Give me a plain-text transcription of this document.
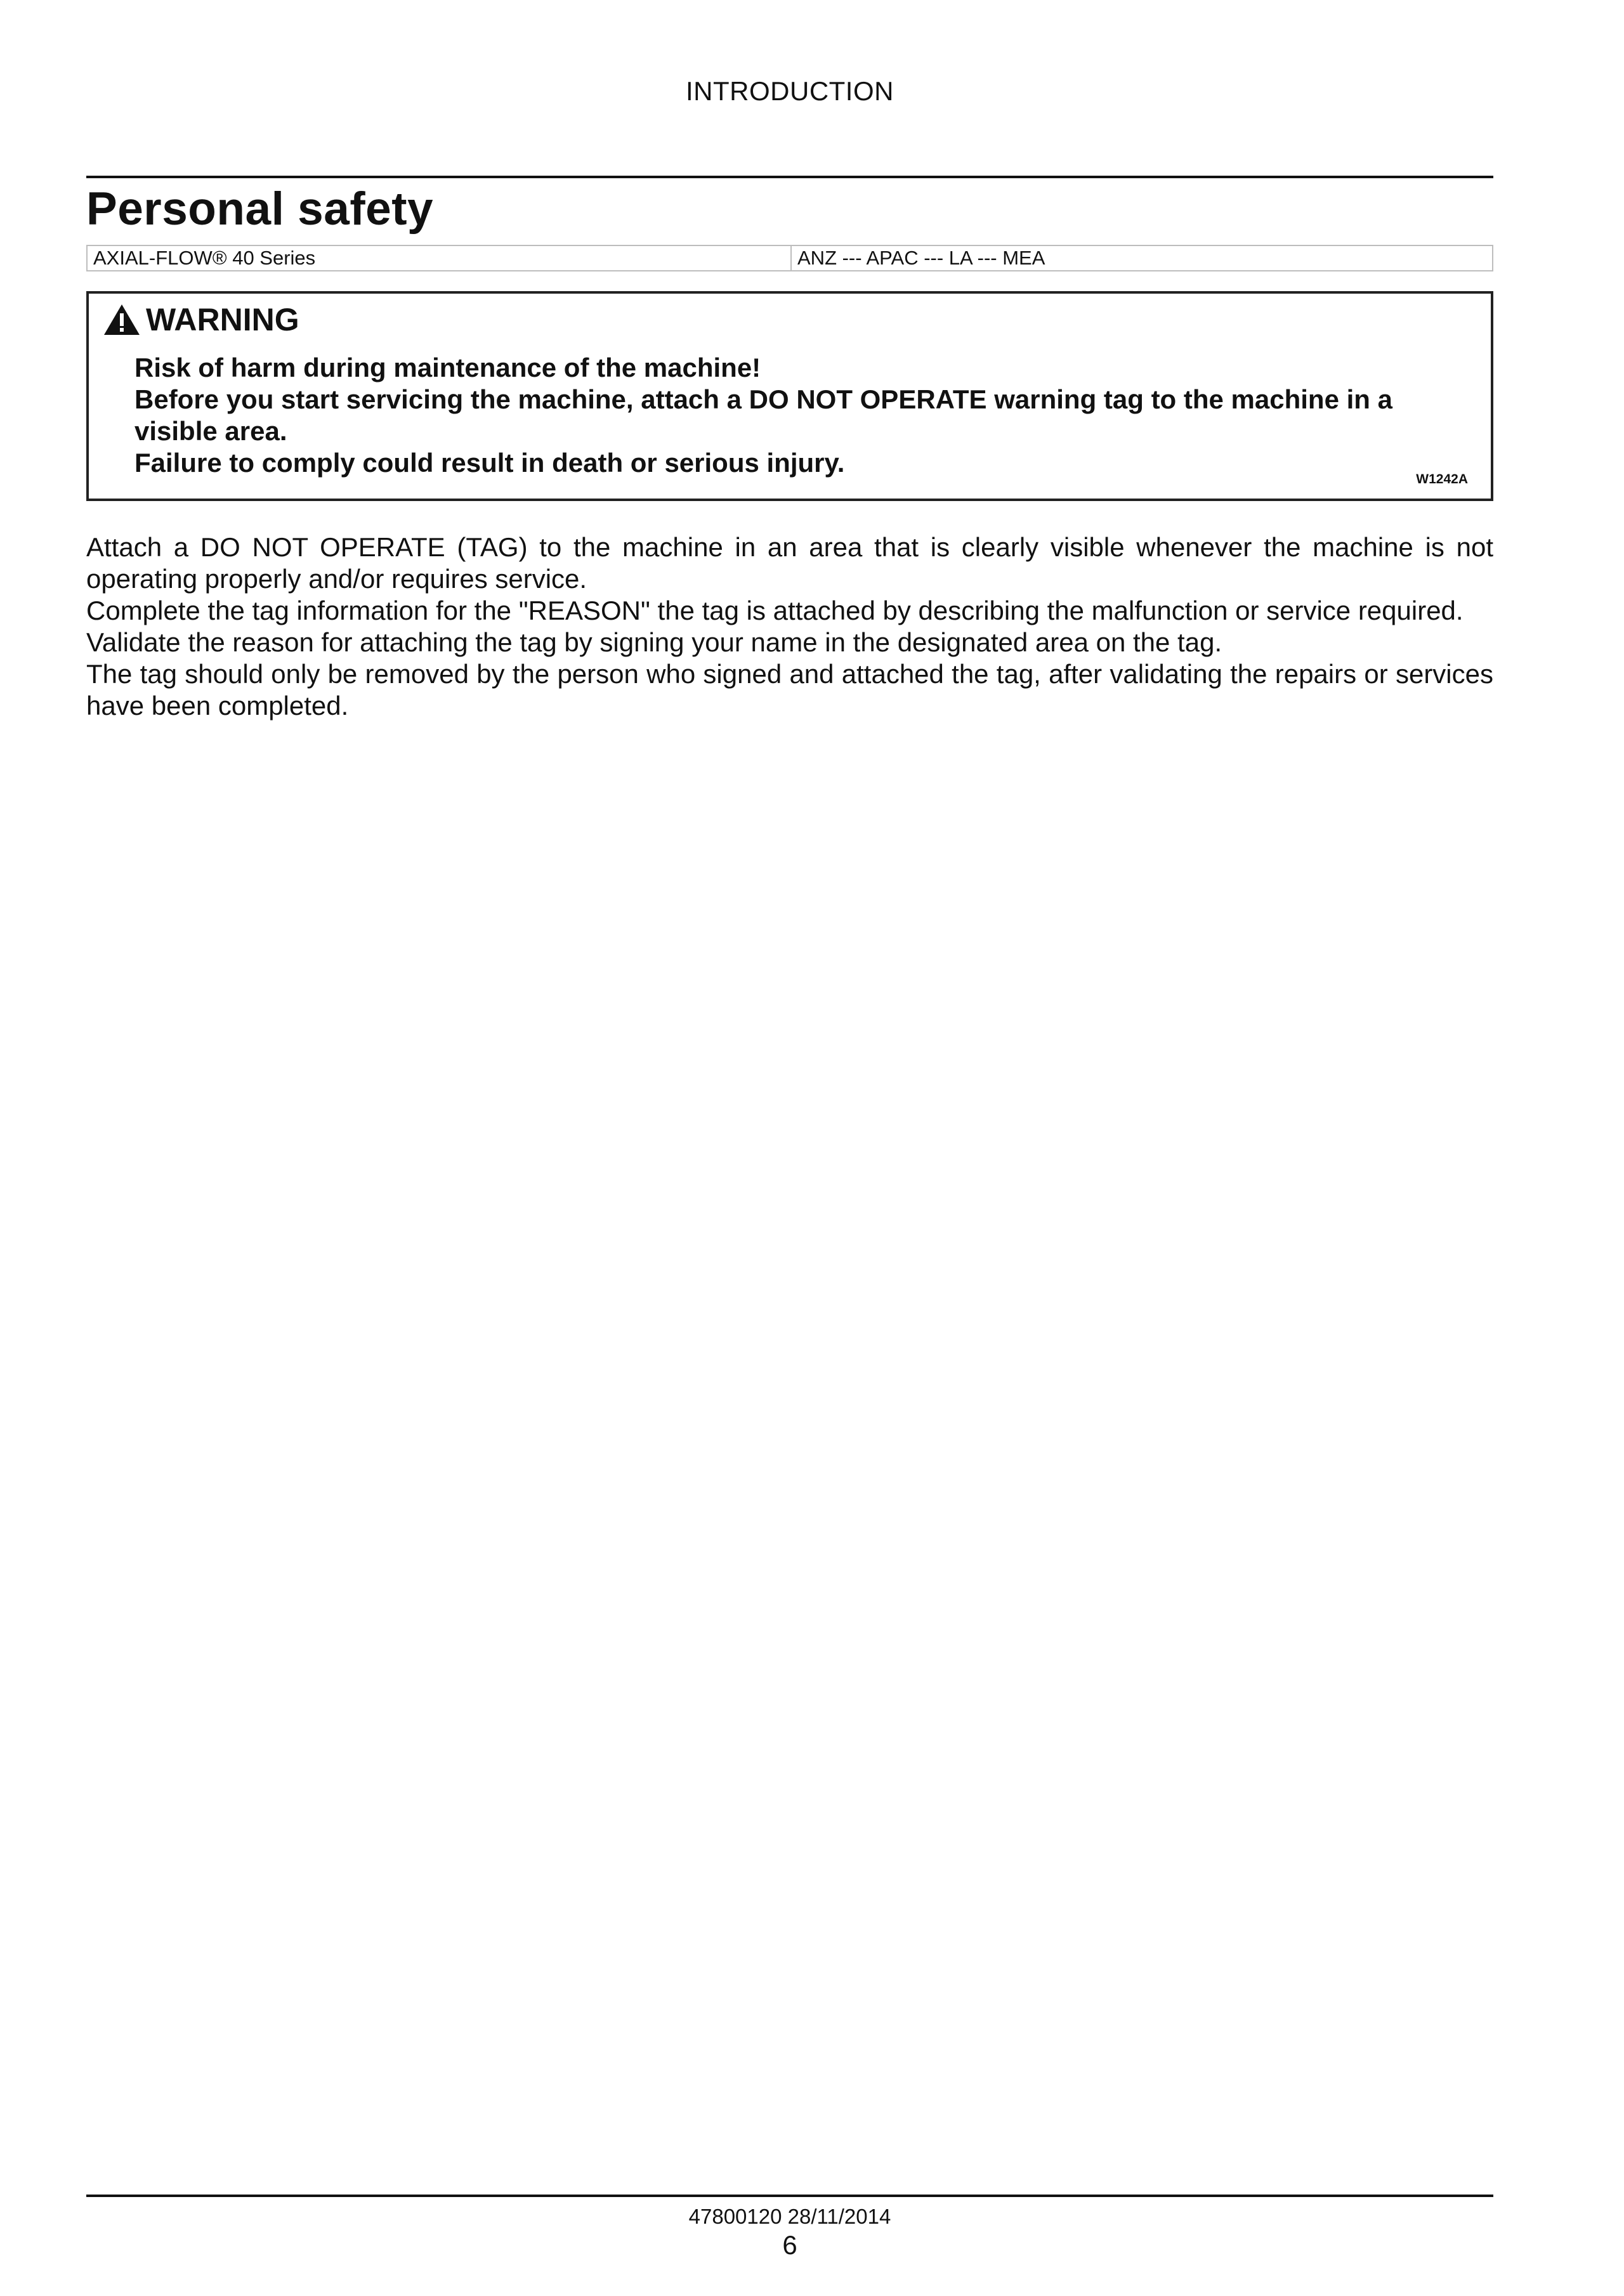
INTRODUCTION
Personal safety
AXIAL-FLOW® 40 Series	ANZ --- APAC --- LA --- MEA
WARNING

Risk of harm during maintenance of the machine!

Before you start servicing the machine, attach a DO NOT OPERATE warning tag to the machine in a visible area.

Failure to comply could result in death or serious injury.

W1242A

Attach a DO NOT OPERATE (TAG) to the machine in an area that is clearly visible whenever the machine is not operating properly and/or requires service.

Complete the tag information for the "REASON" the tag is attached by describing the malfunction or service required.

Validate the reason for attaching the tag by signing your name in the designated area on the tag.

The tag should only be removed by the person who signed and attached the tag, after validating the repairs or services have been completed.

47800120 28/11/2014
6
